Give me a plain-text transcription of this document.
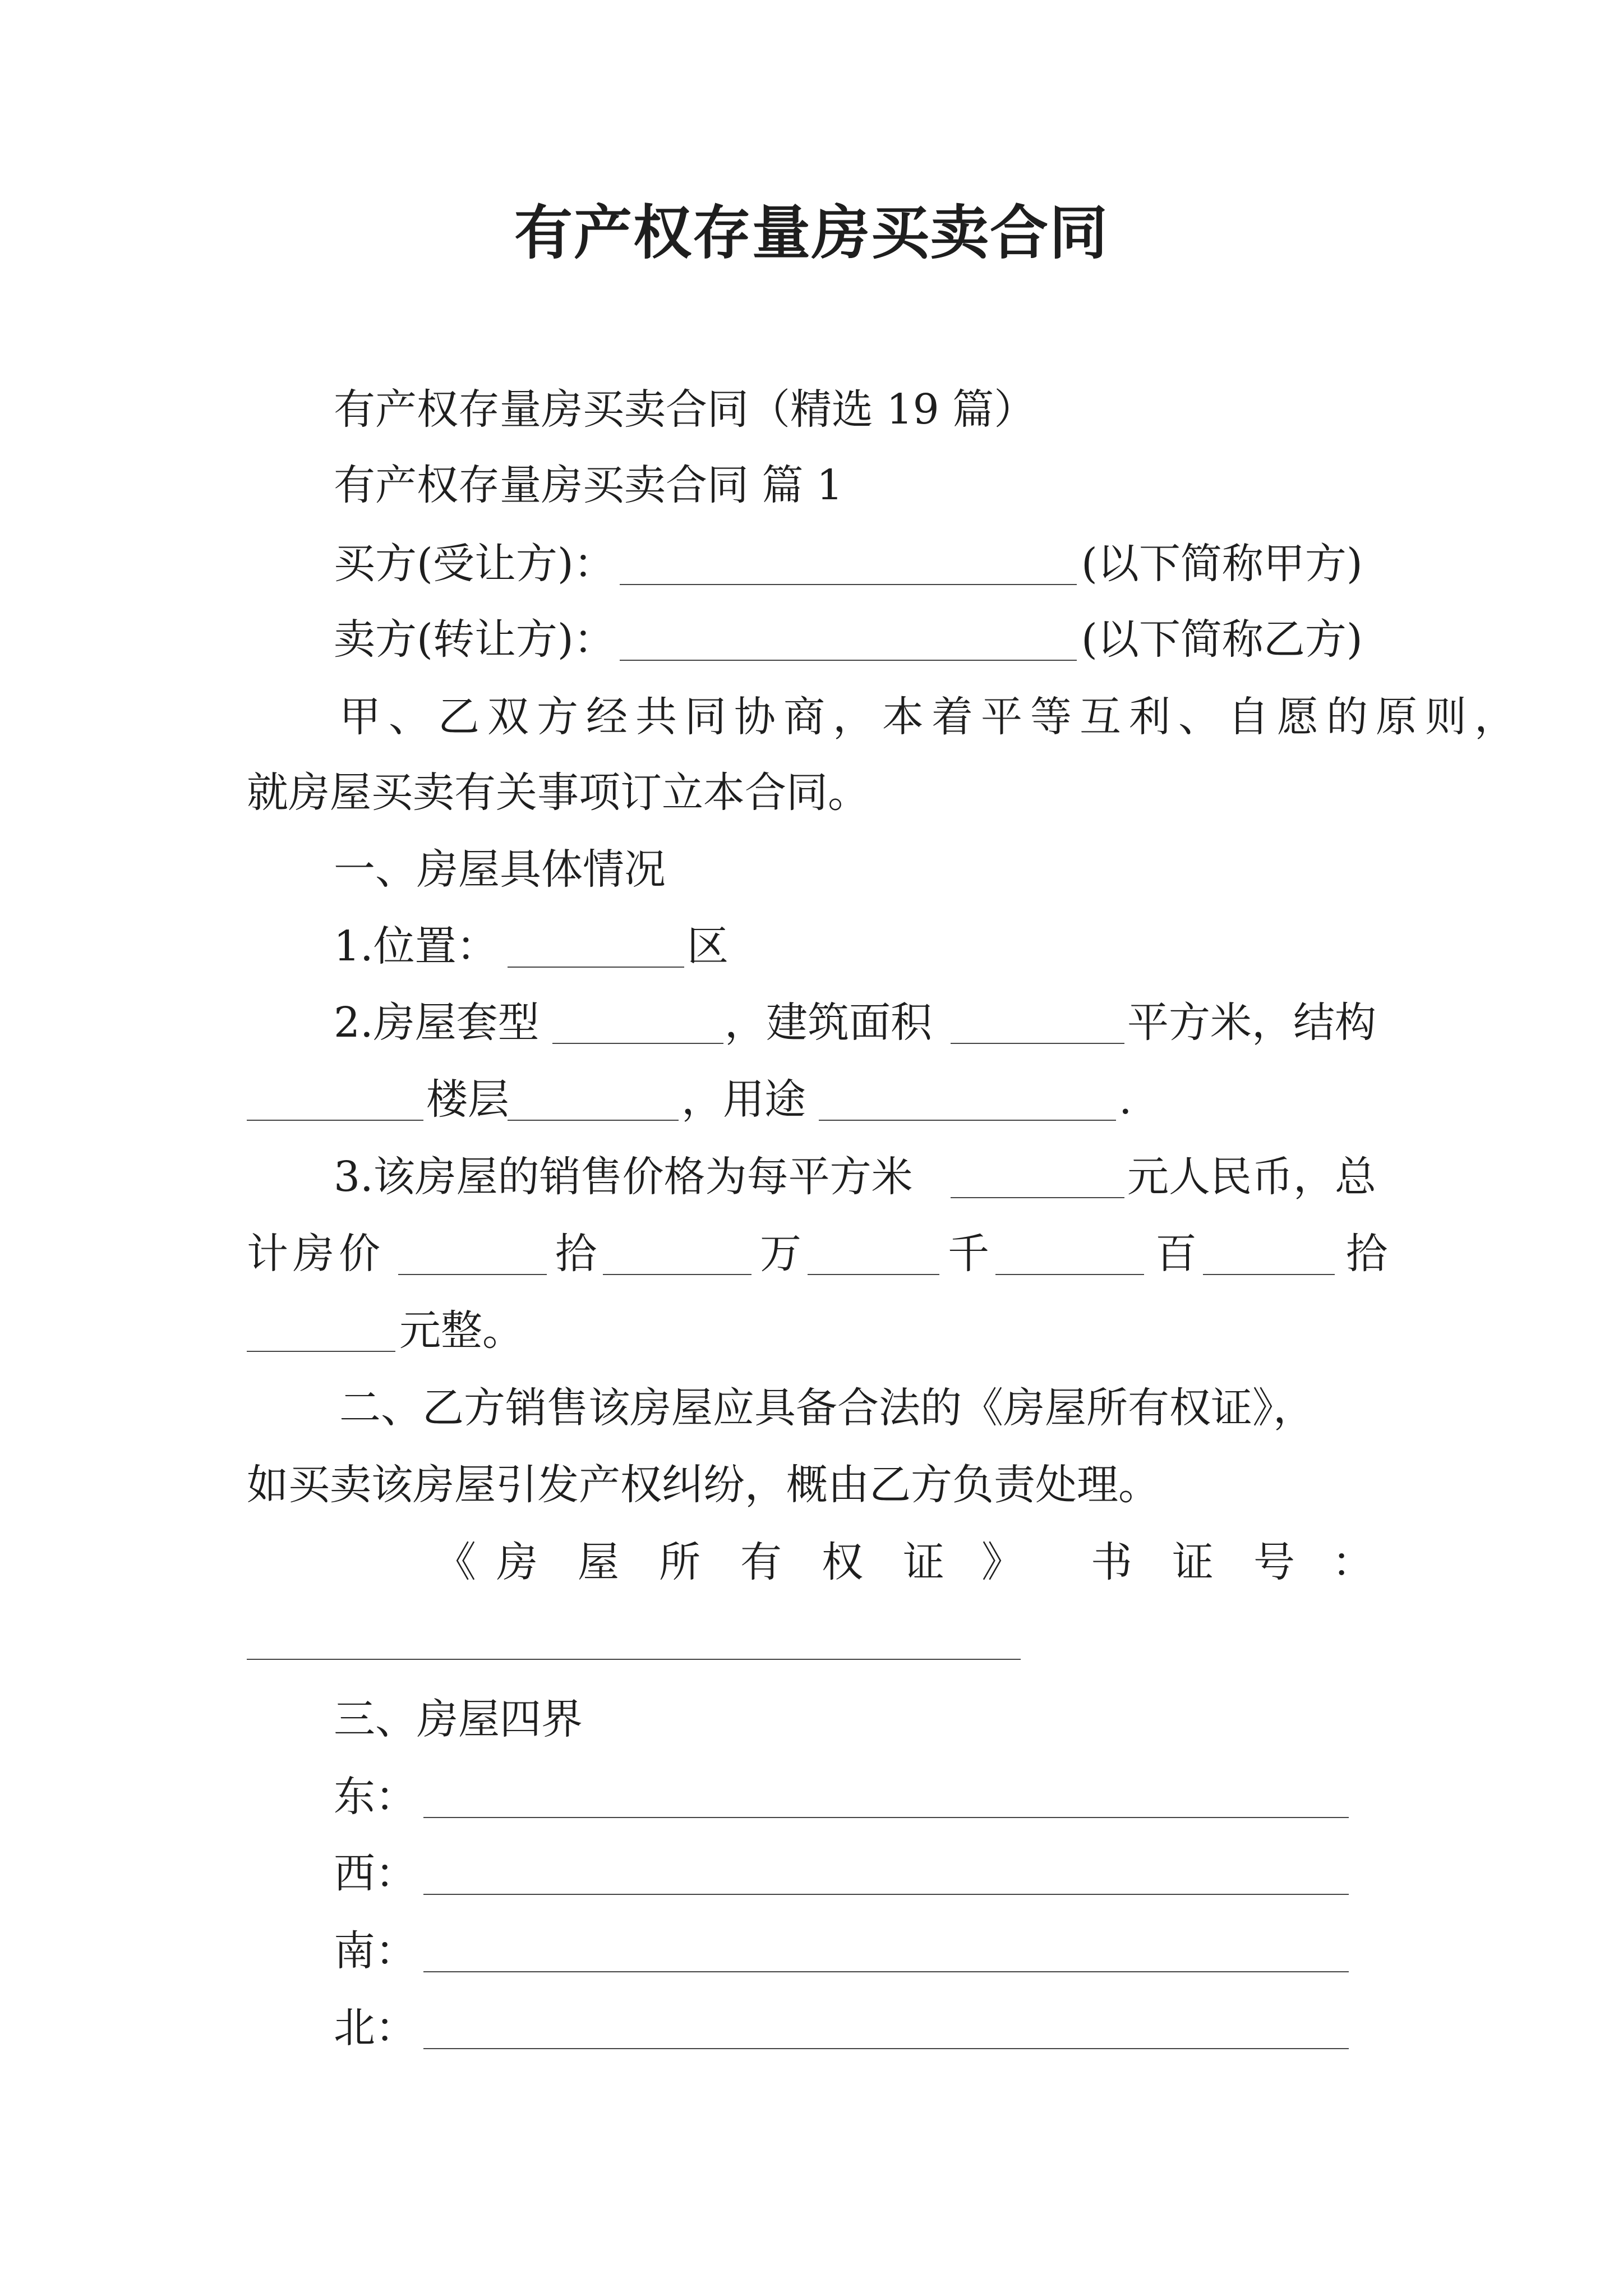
有产权存量房买卖合同
有产权存量房买卖合同（精选 19 篇）
有产权存量房买卖合同 篇 1
买方(受让方)：	(以下简称甲方)
卖方(转让方)：	(以下简称乙方)
甲、乙双方经共同协商，本着平等互利、自愿的原则，
就房屋买卖有关事项订立本合同。
一、房屋具体情况
1.位置：	区
2.房屋套型	，建筑面积	平方米，结构
楼层	，用途	.
3.该房屋的销售价格为每平方米	元人民币，总
计房价	拾	万	千	百	拾
元整。
二、乙方销售该房屋应具备合法的《房屋所有权证》，
如买卖该房屋引发产权纠纷，概由乙方负责处理。
《 房 屋 所 有 权 证 》 书 证 号 ：
三、房屋四界
东：
西：
南：
北：
